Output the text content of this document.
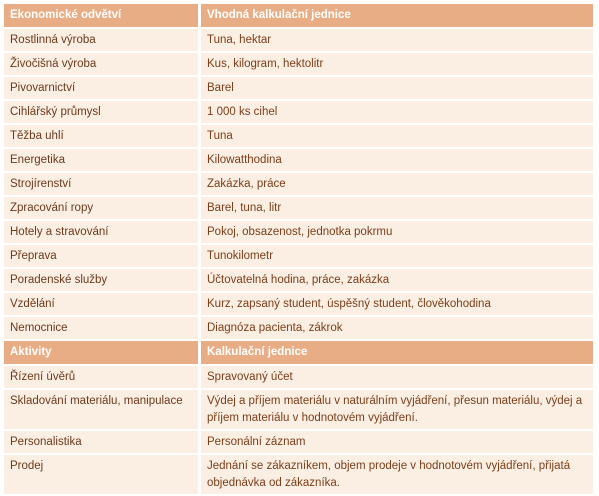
Ekonomické odvětví	Vhodná kalkulační jednice
Rostlinná výroba	Tuna, hektar
Živočišná výroba	Kus, kilogram, hektolitr
Pivovarnictví	Barel
Cihlářský průmysl	1 000 ks cihel
Těžba uhlí	Tuna
Energetika	Kilowatthodina
Strojírenství	Zakázka, práce
Zpracování ropy	Barel, tuna, litr
Hotely a stravování	Pokoj, obsazenost, jednotka pokrmu
Přeprava	Tunokilometr
Poradenské služby	Účtovatelná hodina, práce, zakázka
Vzdělání	Kurz, zapsaný student, úspěšný student, člověkohodina
Nemocnice	Diagnóza pacienta, zákrok
Aktivity	Kalkulační jednice
Řízení úvěrů	Spravovaný účet
Skladování materiálu, manipulace	Výdej a příjem materiálu v naturálním vyjádření, přesun materiálu, výdej a příjem materiálu v hodnotovém vyjádření.
Personalistika	Personální záznam
Prodej	Jednání se zákazníkem, objem prodeje v hodnotovém vyjádření, přijatá objednávka od zákazníka.
